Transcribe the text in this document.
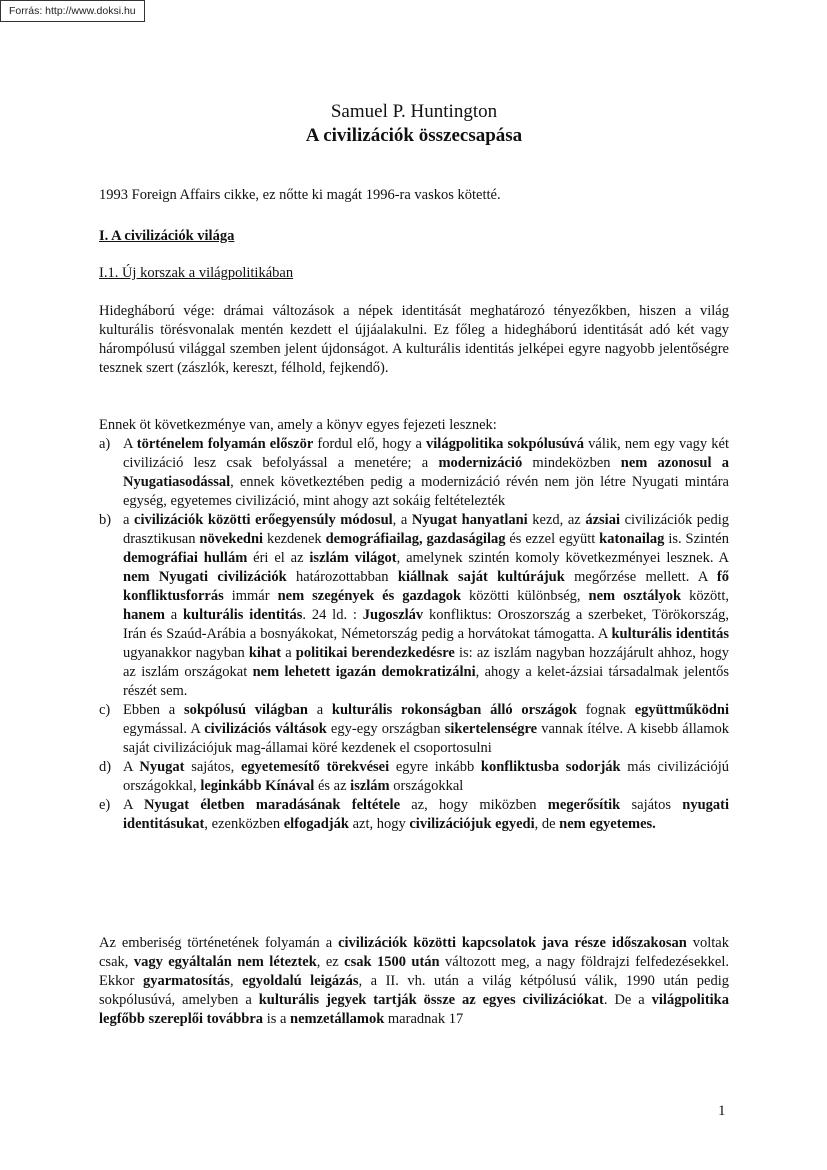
Forrás: http://www.doksi.hu
Samuel P. Huntington
A civilizációk összecsapása
1993 Foreign Affairs cikke, ez nőtte ki magát 1996-ra vaskos kötetté.
I. A civilizációk világa
I.1. Új korszak a világpolitikában

Hidegháború vége: drámai változások a népek identitását meghatározó tényezőkben, hiszen a világ kulturális törésvonalak mentén kezdett el újjáalakulni. Ez főleg a hidegháború identitását adó két vagy hárompólusú világgal szemben jelent újdonságot. A kulturális identitás jelképei egyre nagyobb jelentőségre tesznek szert (zászlók, kereszt, félhold, fejkendő).

Ennek öt következménye van, amely a könyv egyes fejezeti lesznek:

a) A történelem folyamán először fordul elő, hogy a világpolitika sokpólusúvá válik, nem egy vagy két civilizáció lesz csak befolyással a menetére; a modernizáció mindeközben nem azonosul a Nyugatiasodással, ennek következtében pedig a modernizáció révén nem jön létre Nyugati mintára egység, egyetemes civilizáció, mint ahogy azt sokáig feltételezték
b) a civilizációk közötti erőegyensúly módosul, a Nyugat hanyatlani kezd, az ázsiai civilizációk pedig drasztikusan növekedni kezdenek demográfiailag, gazdaságilag és ezzel együtt katonailag is. Szintén demográfiai hullám éri el az iszlám világot, amelynek szintén komoly következményei lesznek. A nem Nyugati civilizációk határozottabban kiállnak saját kultúrájuk megőrzése mellett. A fő konfliktusforrás immár nem szegények és gazdagok közötti különbség, nem osztályok között, hanem a kulturális identitás. 24 ld. : Jugoszláv konfliktus: Oroszország a szerbeket, Törökország, Irán és Szaúd-Arábia a bosnyákokat, Németország pedig a horvátokat támogatta. A kulturális identitás ugyanakkor nagyban kihat a politikai berendezkedésre is: az iszlám nagyban hozzájárult ahhoz, hogy az iszlám országokat nem lehetett igazán demokratizálni, ahogy a kelet-ázsiai társadalmak jelentős részét sem.
c) Ebben a sokpólusú világban a kulturális rokonságban álló országok fognak együttműködni egymással. A civilizációs váltások egy-egy országban sikertelenségre vannak ítélve. A kisebb államok saját civilizációjuk mag-államai köré kezdenek el csoportosulni
d) A Nyugat sajátos, egyetemesítő törekvései egyre inkább konfliktusba sodorják más civilizációjú országokkal, leginkább Kínával és az iszlám országokkal
e) A Nyugat életben maradásának feltétele az, hogy miközben megerősítik sajátos nyugati identitásukat, ezenközben elfogadják azt, hogy civilizációjuk egyedi, de nem egyetemes.

Az emberiség történetének folyamán a civilizációk közötti kapcsolatok java része időszakosan voltak csak, vagy egyáltalán nem léteztek, ez csak 1500 után változott meg, a nagy földrajzi felfedezésekkel. Ekkor gyarmatosítás, egyoldalú leigázás, a II. vh. után a világ kétpólusú válik, 1990 után pedig sokpólusúvá, amelyben a kulturális jegyek tartják össze az egyes civilizációkat. De a világpolitika legfőbb szereplői továbbra is a nemzetállamok maradnak 17

1
